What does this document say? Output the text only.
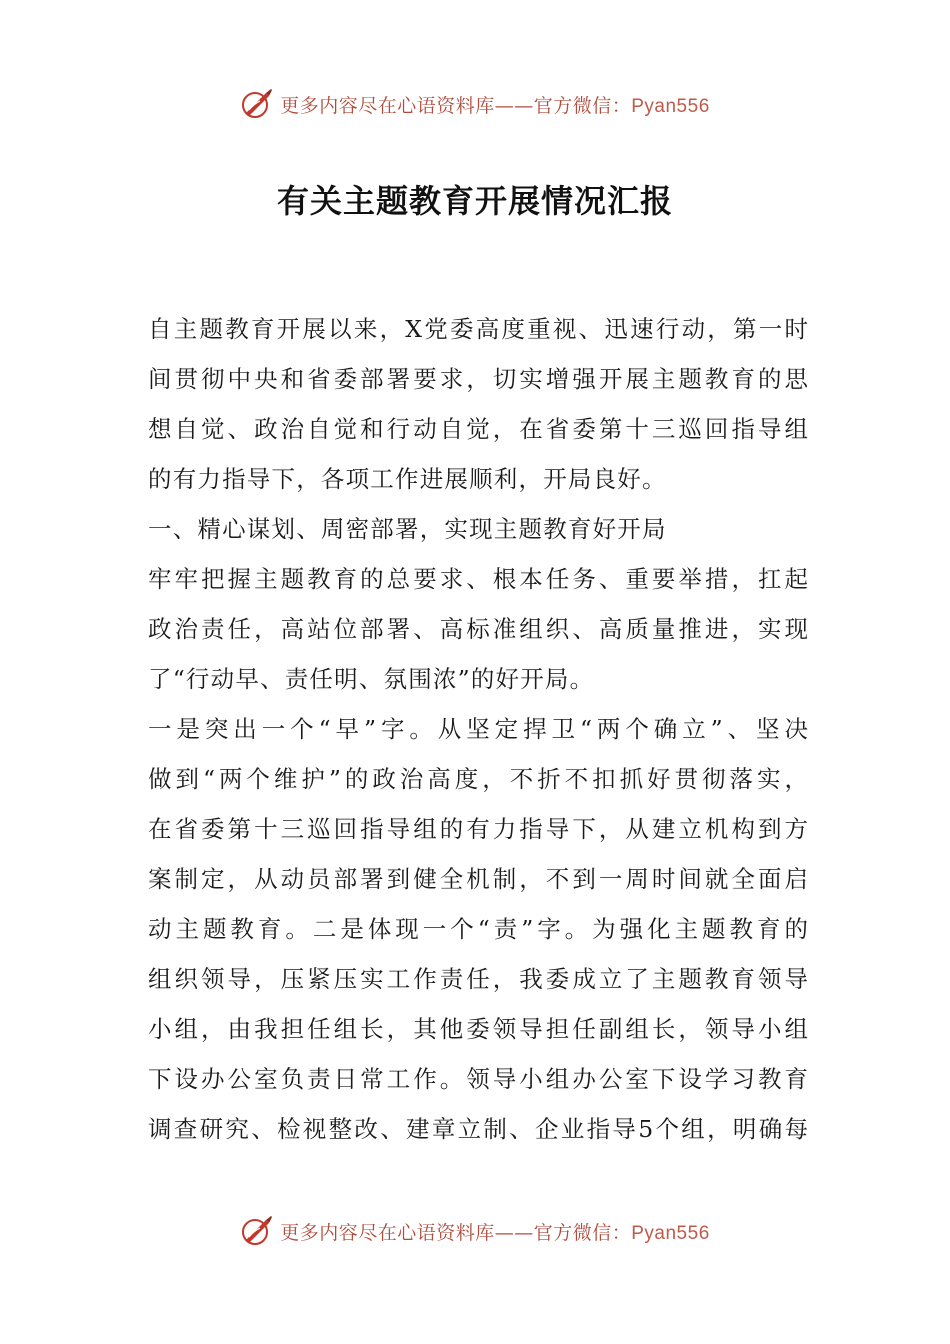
更多内容尽在心语资料库——官方微信：Pyan556
有关主题教育开展情况汇报
自主题教育开展以来，X党委高度重视、迅速行动，第一时
间贯彻中央和省委部署要求，切实增强开展主题教育的思
想自觉、政治自觉和行动自觉，在省委第十三巡回指导组
的有力指导下，各项工作进展顺利，开局良好。
一、精心谋划、周密部署，实现主题教育好开局
牢牢把握主题教育的总要求、根本任务、重要举措，扛起
政治责任，高站位部署、高标准组织、高质量推进，实现
了“行动早、责任明、氛围浓”的好开局。
一是突出一个“早”字。从坚定捍卫“两个确立”、坚决
做到“两个维护”的政治高度，不折不扣抓好贯彻落实，
在省委第十三巡回指导组的有力指导下，从建立机构到方
案制定，从动员部署到健全机制，不到一周时间就全面启
动主题教育。二是体现一个“责”字。为强化主题教育的
组织领导，压紧压实工作责任，我委成立了主题教育领导
小组，由我担任组长，其他委领导担任副组长，领导小组
下设办公室负责日常工作。领导小组办公室下设学习教育
调查研究、检视整改、建章立制、企业指导5个组，明确每
更多内容尽在心语资料库——官方微信：Pyan556
